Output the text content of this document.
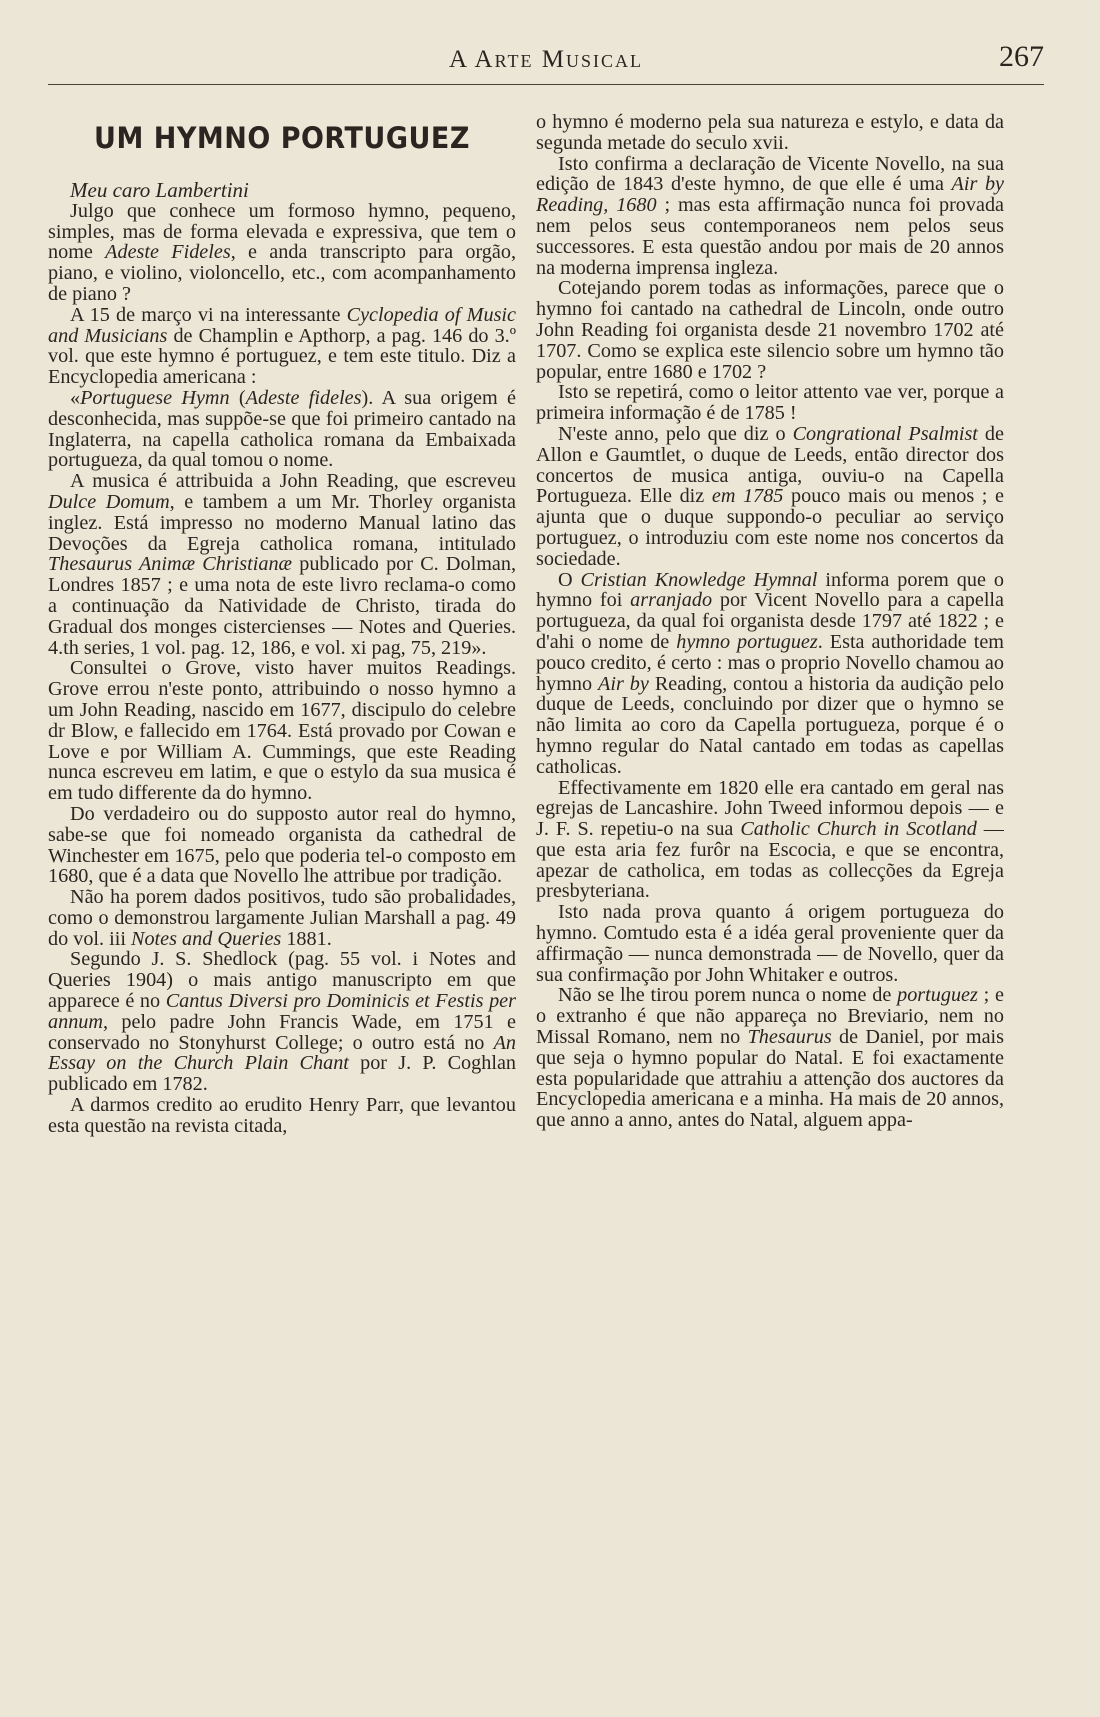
A Arte Musical	267
UM HYMNO PORTUGUEZ

Meu caro Lambertini

Julgo que conhece um formoso hymno, pequeno, simples, mas de forma elevada e expressiva, que tem o nome Adeste Fideles, e anda transcripto para orgão, piano, e violino, violoncello, etc., com acompanhamento de piano ?

A 15 de março vi na interessante Cyclopedia of Music and Musicians de Champlin e Apthorp, a pag. 146 do 3.º vol. que este hymno é portuguez, e tem este titulo. Diz a Encyclopedia americana :

«Portuguese Hymn (Adeste fideles). A sua origem é desconhecida, mas suppõe-se que foi primeiro cantado na Inglaterra, na capella catholica romana da Embaixada portugueza, da qual tomou o nome.

A musica é attribuida a John Reading, que escreveu Dulce Domum, e tambem a um Mr. Thorley organista inglez. Está impresso no moderno Manual latino das Devoções da Egreja catholica romana, intitulado Thesaurus Animæ Christianæ publicado por C. Dolman, Londres 1857 ; e uma nota de este livro reclama-o como a continuação da Natividade de Christo, tirada do Gradual dos monges cistercienses — Notes and Queries. 4.th series, 1 vol. pag. 12, 186, e vol. xi pag, 75, 219».

Consultei o Grove, visto haver muitos Readings. Grove errou n'este ponto, attribuindo o nosso hymno a um John Reading, nascido em 1677, discipulo do celebre dr Blow, e fallecido em 1764. Está provado por Cowan e Love e por William A. Cummings, que este Reading nunca escreveu em latim, e que o estylo da sua musica é em tudo differente da do hymno.

Do verdadeiro ou do supposto autor real do hymno, sabe-se que foi nomeado organista da cathedral de Winchester em 1675, pelo que poderia tel-o composto em 1680, que é a data que Novello lhe attribue por tradição.

Não ha porem dados positivos, tudo são probalidades, como o demonstrou largamente Julian Marshall a pag. 49 do vol. iii Notes and Queries 1881.

Segundo J. S. Shedlock (pag. 55 vol. i Notes and Queries 1904) o mais antigo manuscripto em que apparece é no Cantus Diversi pro Dominicis et Festis per annum, pelo padre John Francis Wade, em 1751 e conservado no Stonyhurst College; o outro está no An Essay on the Church Plain Chant por J. P. Coghlan publicado em 1782.

A darmos credito ao erudito Henry Parr, que levantou esta questão na revista citada,

o hymno é moderno pela sua natureza e estylo, e data da segunda metade do seculo xvii.

Isto confirma a declaração de Vicente Novello, na sua edição de 1843 d'este hymno, de que elle é uma Air by Reading, 1680 ; mas esta affirmação nunca foi provada nem pelos seus contemporaneos nem pelos seus successores. E esta questão andou por mais de 20 annos na moderna imprensa ingleza.

Cotejando porem todas as informações, parece que o hymno foi cantado na cathedral de Lincoln, onde outro John Reading foi organista desde 21 novembro 1702 até 1707. Como se explica este silencio sobre um hymno tão popular, entre 1680 e 1702 ?

Isto se repetirá, como o leitor attento vae ver, porque a primeira informação é de 1785 !

N'este anno, pelo que diz o Congrational Psalmist de Allon e Gaumtlet, o duque de Leeds, então director dos concertos de musica antiga, ouviu-o na Capella Portugueza. Elle diz em 1785 pouco mais ou menos ; e ajunta que o duque suppondo-o peculiar ao serviço portuguez, o introduziu com este nome nos concertos da sociedade.

O Cristian Knowledge Hymnal informa porem que o hymno foi arranjado por Vicent Novello para a capella portugueza, da qual foi organista desde 1797 até 1822 ; e d'ahi o nome de hymno portuguez. Esta authoridade tem pouco credito, é certo : mas o proprio Novello chamou ao hymno Air by Reading, contou a historia da audição pelo duque de Leeds, concluindo por dizer que o hymno se não limita ao coro da Capella portugueza, porque é o hymno regular do Natal cantado em todas as capellas catholicas.

Effectivamente em 1820 elle era cantado em geral nas egrejas de Lancashire. John Tweed informou depois — e J. F. S. repetiu-o na sua Catholic Church in Scotland — que esta aria fez furôr na Escocia, e que se encontra, apezar de catholica, em todas as collecções da Egreja presbyteriana.

Isto nada prova quanto á origem portugueza do hymno. Comtudo esta é a idéa geral proveniente quer da affirmação — nunca demonstrada — de Novello, quer da sua confirmação por John Whitaker e outros.

Não se lhe tirou porem nunca o nome de portuguez ; e o extranho é que não appareça no Breviario, nem no Missal Romano, nem no Thesaurus de Daniel, por mais que seja o hymno popular do Natal. E foi exactamente esta popularidade que attrahiu a attenção dos auctores da Encyclopedia americana e a minha. Ha mais de 20 annos, que anno a anno, antes do Natal, alguem appa-
